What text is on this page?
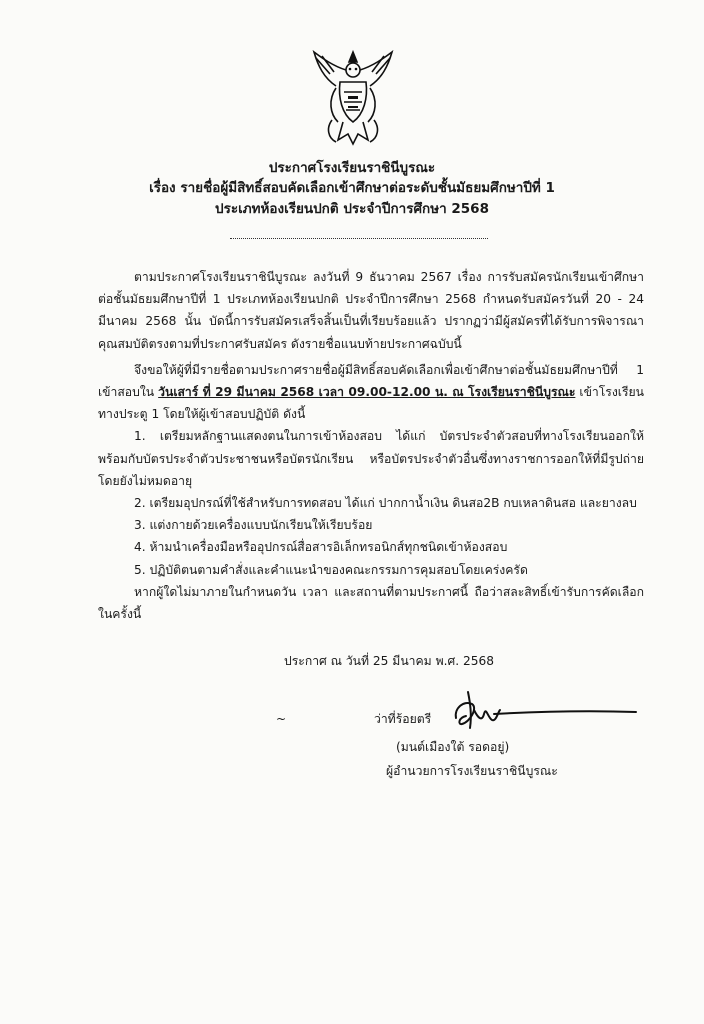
ประกาศโรงเรียนราชินีบูรณะ
เรื่อง รายชื่อผู้มีสิทธิ์สอบคัดเลือกเข้าศึกษาต่อระดับชั้นมัธยมศึกษาปีที่ 1
ประเภทห้องเรียนปกติ ประจำปีการศึกษา 2568

ตามประกาศโรงเรียนราชินีบูรณะ ลงวันที่ 9 ธันวาคม 2567 เรื่อง การรับสมัครนักเรียนเข้าศึกษาต่อชั้นมัธยมศึกษาปีที่ 1 ประเภทห้องเรียนปกติ ประจำปีการศึกษา 2568 กำหนดรับสมัครวันที่ 20 - 24 มีนาคม 2568 นั้น บัดนี้การรับสมัครเสร็จสิ้นเป็นที่เรียบร้อยแล้ว ปรากฏว่ามีผู้สมัครที่ได้รับการพิจารณาคุณสมบัติตรงตามที่ประกาศรับสมัคร ดังรายชื่อแนบท้ายประกาศฉบับนี้

จึงขอให้ผู้ที่มีรายชื่อตามประกาศรายชื่อผู้มีสิทธิ์สอบคัดเลือกเพื่อเข้าศึกษาต่อชั้นมัธยมศึกษาปีที่ 1 เข้าสอบใน วันเสาร์ ที่ 29 มีนาคม 2568 เวลา 09.00-12.00 น. ณ โรงเรียนราชินีบูรณะ เข้าโรงเรียนทางประตู 1 โดยให้ผู้เข้าสอบปฏิบัติ ดังนี้

1. เตรียมหลักฐานแสดงตนในการเข้าห้องสอบ ได้แก่ บัตรประจำตัวสอบที่ทางโรงเรียนออกให้ พร้อมกับบัตรประจำตัวประชาชนหรือบัตรนักเรียน หรือบัตรประจำตัวอื่นซึ่งทางราชการออกให้ที่มีรูปถ่ายโดยยังไม่หมดอายุ

2. เตรียมอุปกรณ์ที่ใช้สำหรับการทดสอบ ได้แก่ ปากกาน้ำเงิน ดินสอ2B กบเหลาดินสอ และยางลบ

3. แต่งกายด้วยเครื่องแบบนักเรียนให้เรียบร้อย

4. ห้ามนำเครื่องมือหรืออุปกรณ์สื่อสารอิเล็กทรอนิกส์ทุกชนิดเข้าห้องสอบ

5. ปฏิบัติตนตามคำสั่งและคำแนะนำของคณะกรรมการคุมสอบโดยเคร่งครัด

หากผู้ใดไม่มาภายในกำหนดวัน เวลา และสถานที่ตามประกาศนี้ ถือว่าสละสิทธิ์เข้ารับการคัดเลือกในครั้งนี้

ประกาศ ณ วันที่ 25 มีนาคม พ.ศ. 2568
~	ว่าที่ร้อยตรี
(มนต์เมืองใต้ รอดอยู่)
ผู้อำนวยการโรงเรียนราชินีบูรณะ
